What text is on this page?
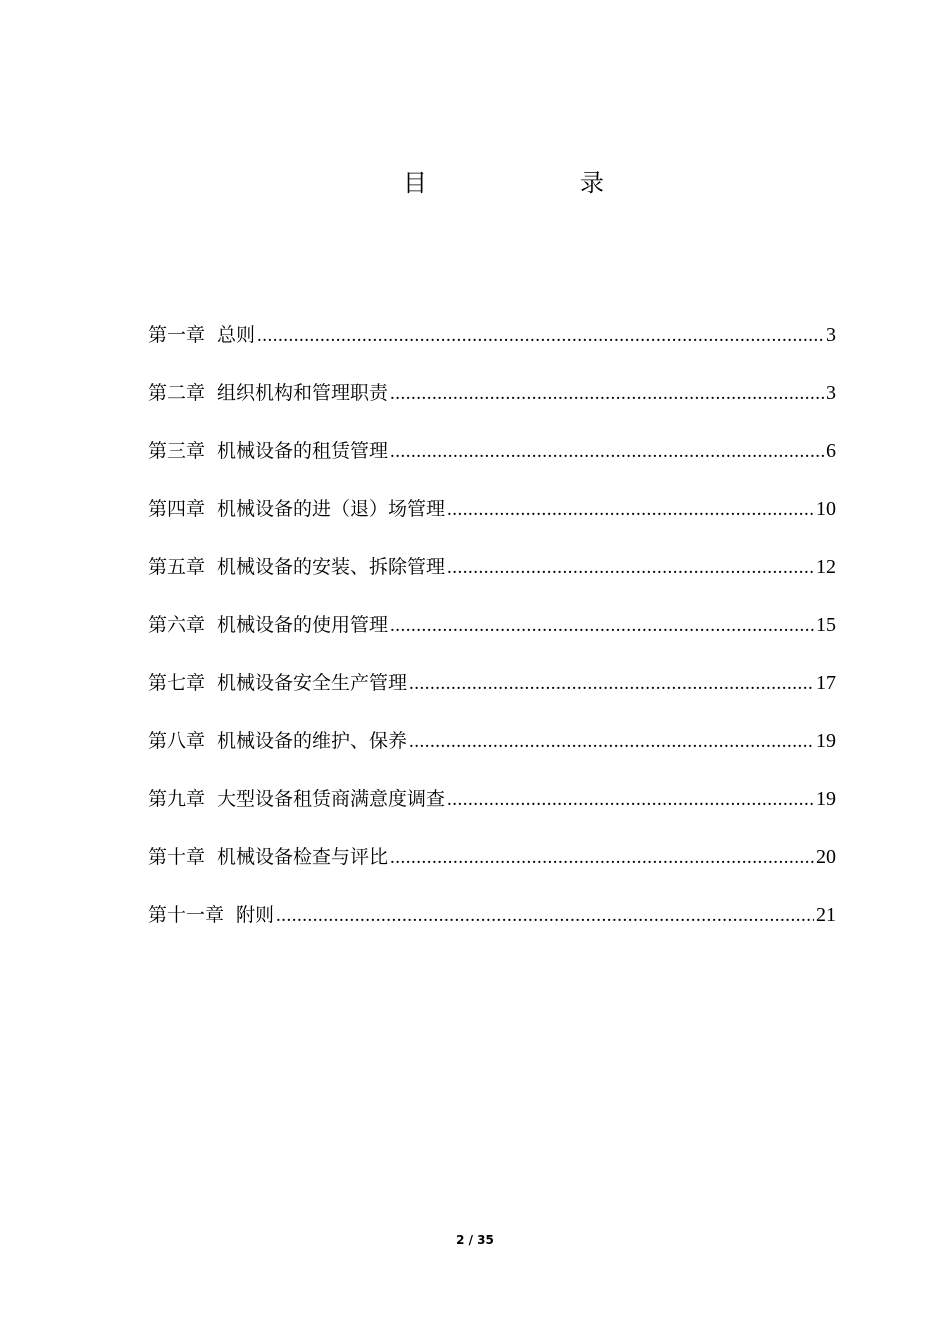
目	录
第一章 总则 .....	3
第二章 组织机构和管理职责 .....	3
第三章 机械设备的租赁管理 .....	6
第四章 机械设备的进（退）场管理 .....	10
第五章 机械设备的安装、拆除管理 .....	12
第六章 机械设备的使用管理 .....	15
第七章 机械设备安全生产管理 .....	17
第八章 机械设备的维护、保养 .....	19
第九章 大型设备租赁商满意度调查 .....	19
第十章 机械设备检查与评比 .....	20
第十一章 附则 .....	21
2 / 35
